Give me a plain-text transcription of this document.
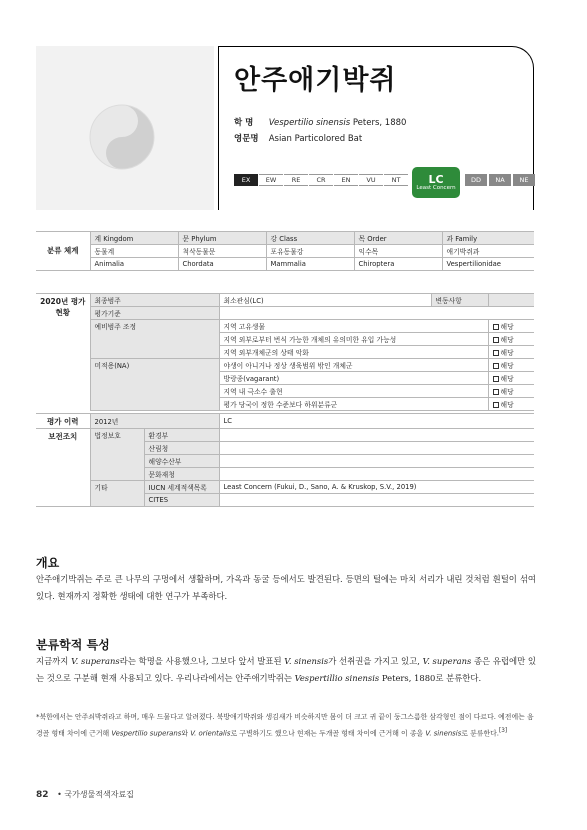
안주애기박쥐
학 명 Vespertilio sinensis Peters, 1880
영문명 Asian Particolored Bat
EX	EW	RE	CR	EN	VU	NT	LC
Least Concern
DD	NA	NE
분류 체계	계 Kingdom	문 Phylum	강 Class	목 Order	과 Family
	동물계	척삭동물문	포유동물강	익수목	애기박쥐과
	Animalia	Chordata	Mammalia	Chiroptera	Vespertilionidae
2020년 평가현황	최종범주		최소관심(LC)	변동사항	
	평가기준				
	예비범주 조정		지역 고유생물		해당
			지역 외부로부터 번식 가능한 개체의 유의미한 유입 가능성		해당
			지역 외부개체군의 상태 악화		해당
	미적용(NA)		야생이 아니거나 정상 생육범위 밖인 개체군		해당
			방랑종(vagarant)		해당
			지역 내 극소수 출현		해당
			평가 당국이 정한 수준보다 하위분류군		해당

평가 이력	2012년		LC		
보전조치	법정보호	환경부			
		산림청			
		해양수산부			
		문화재청			
	기타	IUCN 세계적색목록	Least Concern (Fukui, D., Sano, A. & Kruskop, S.V., 2019)		
		CITES			
개요
안주애기박쥐는 주로 큰 나무의 구멍에서 생활하며, 가옥과 동굴 등에서도 발견된다. 등면의 털에는 마치 서리가 내린 것처럼 흰털이 섞여 있다. 현재까지 정확한 생태에 대한 연구가 부족하다.
분류학적 특성
지금까지 V. superans라는 학명을 사용했으나, 그보다 앞서 발표된 V. sinensis가 선취권을 가지고 있고, V. superans 종은 유럽에만 있는 것으로 구분해 현재 사용되고 있다. 우리나라에서는 안주애기박쥐는 Vespertillio sinensis Peters, 1880로 분류한다.
*북한에서는 안주쇠박쥐라고 하며, 매우 드물다고 알려졌다. 북방애기박쥐와 생김새가 비슷하지만 몸이 더 크고 귀 끝이 둥그스름한 삼각형인 점이 다르다. 예전에는 음경골 형태 차이에 근거해 Vespertilio superans와 V. orientalis로 구별하기도 했으나 현재는 두개골 형태 차이에 근거해 이 종을 V. sinensis로 분류한다.[3]
82 • 국가생물적색자료집
